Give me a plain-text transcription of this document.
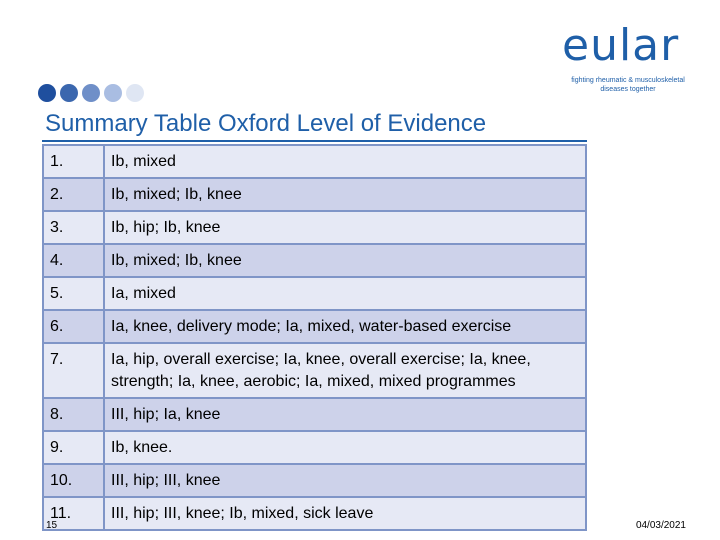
eular
fighting rheumatic & musculoskeletal
diseases together
Summary Table Oxford Level of Evidence
1.	Ib, mixed
2.	Ib, mixed; Ib, knee
3.	Ib, hip; Ib, knee
4.	Ib, mixed; Ib, knee
5.	Ia, mixed
6.	Ia, knee, delivery mode; Ia, mixed, water-based exercise
7.	Ia, hip, overall exercise; Ia, knee, overall exercise; Ia, knee, strength; Ia, knee, aerobic; Ia, mixed, mixed programmes
8.	III, hip; Ia, knee
9.	Ib, knee.
10.	III, hip; III, knee
11.	III, hip; III, knee; Ib, mixed, sick leave
15	04/03/2021
